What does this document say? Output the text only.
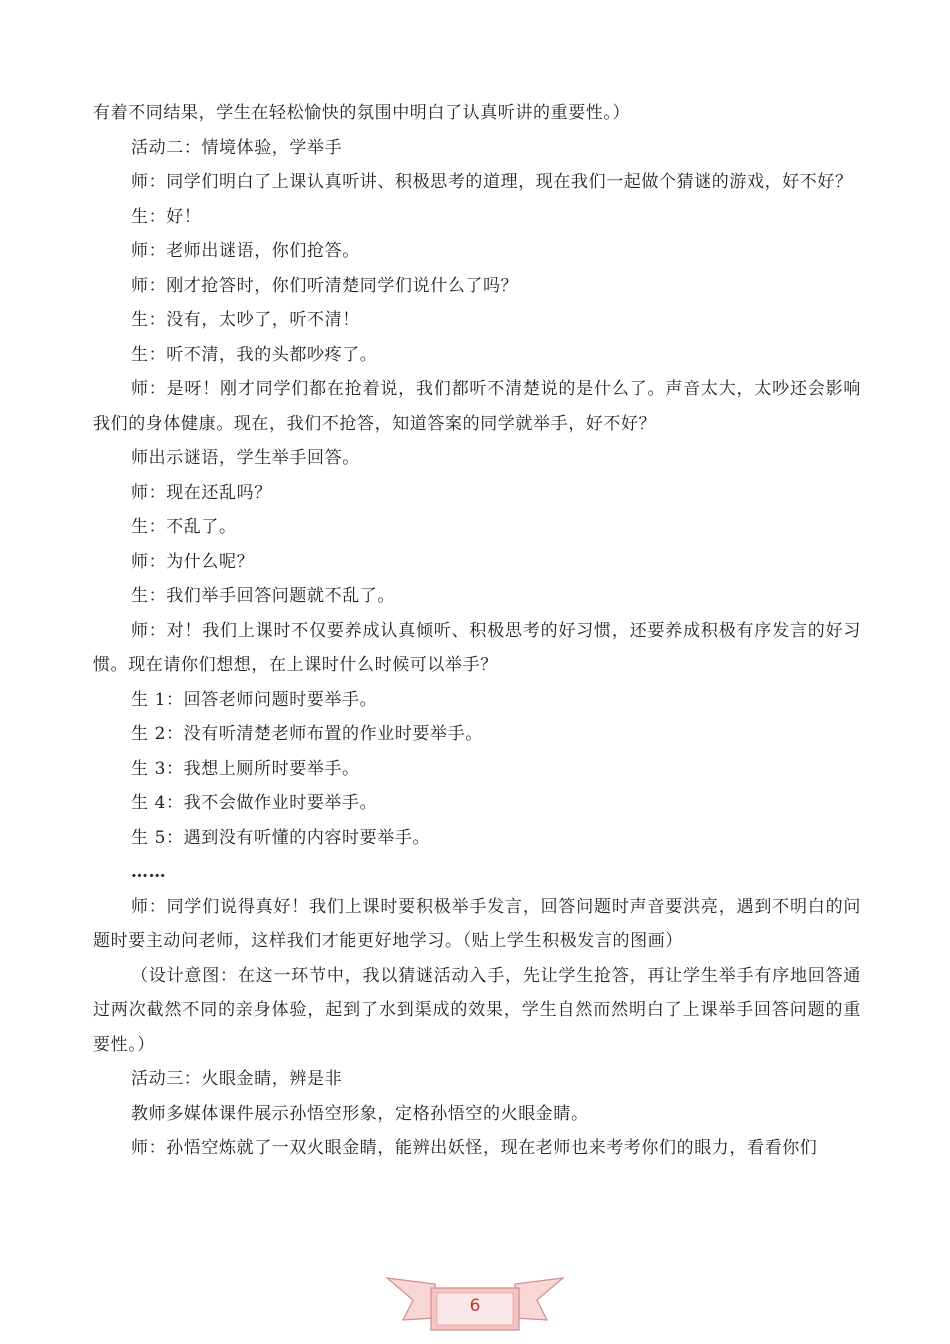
有着不同结果，学生在轻松愉快的氛围中明白了认真听讲的重要性。）

活动二：情境体验，学举手

师：同学们明白了上课认真听讲、积极思考的道理，现在我们一起做个猜谜的游戏，好不好？

生：好！

师：老师出谜语，你们抢答。

师：刚才抢答时，你们听清楚同学们说什么了吗？

生：没有，太吵了，听不清！

生：听不清，我的头都吵疼了。

师：是呀！刚才同学们都在抢着说，我们都听不清楚说的是什么了。声音太大，太吵还会影响我们的身体健康。现在，我们不抢答，知道答案的同学就举手，好不好？

师出示谜语，学生举手回答。

师：现在还乱吗？

生：不乱了。

师：为什么呢？

生：我们举手回答问题就不乱了。

师：对！我们上课时不仅要养成认真倾听、积极思考的好习惯，还要养成积极有序发言的好习惯。现在请你们想想，在上课时什么时候可以举手？

生 1：回答老师问题时要举手。

生 2：没有听清楚老师布置的作业时要举手。

生 3：我想上厕所时要举手。

生 4：我不会做作业时要举手。

生 5：遇到没有听懂的内容时要举手。

……

师：同学们说得真好！我们上课时要积极举手发言，回答问题时声音要洪亮，遇到不明白的问题时要主动问老师，这样我们才能更好地学习。（贴上学生积极发言的图画）

（设计意图：在这一环节中，我以猜谜活动入手，先让学生抢答，再让学生举手有序地回答通过两次截然不同的亲身体验，起到了水到渠成的效果，学生自然而然明白了上课举手回答问题的重要性。）

活动三：火眼金睛，辨是非

教师多媒体课件展示孙悟空形象，定格孙悟空的火眼金睛。

师：孙悟空炼就了一双火眼金睛，能辨出妖怪，现在老师也来考考你们的眼力，看看你们

6
